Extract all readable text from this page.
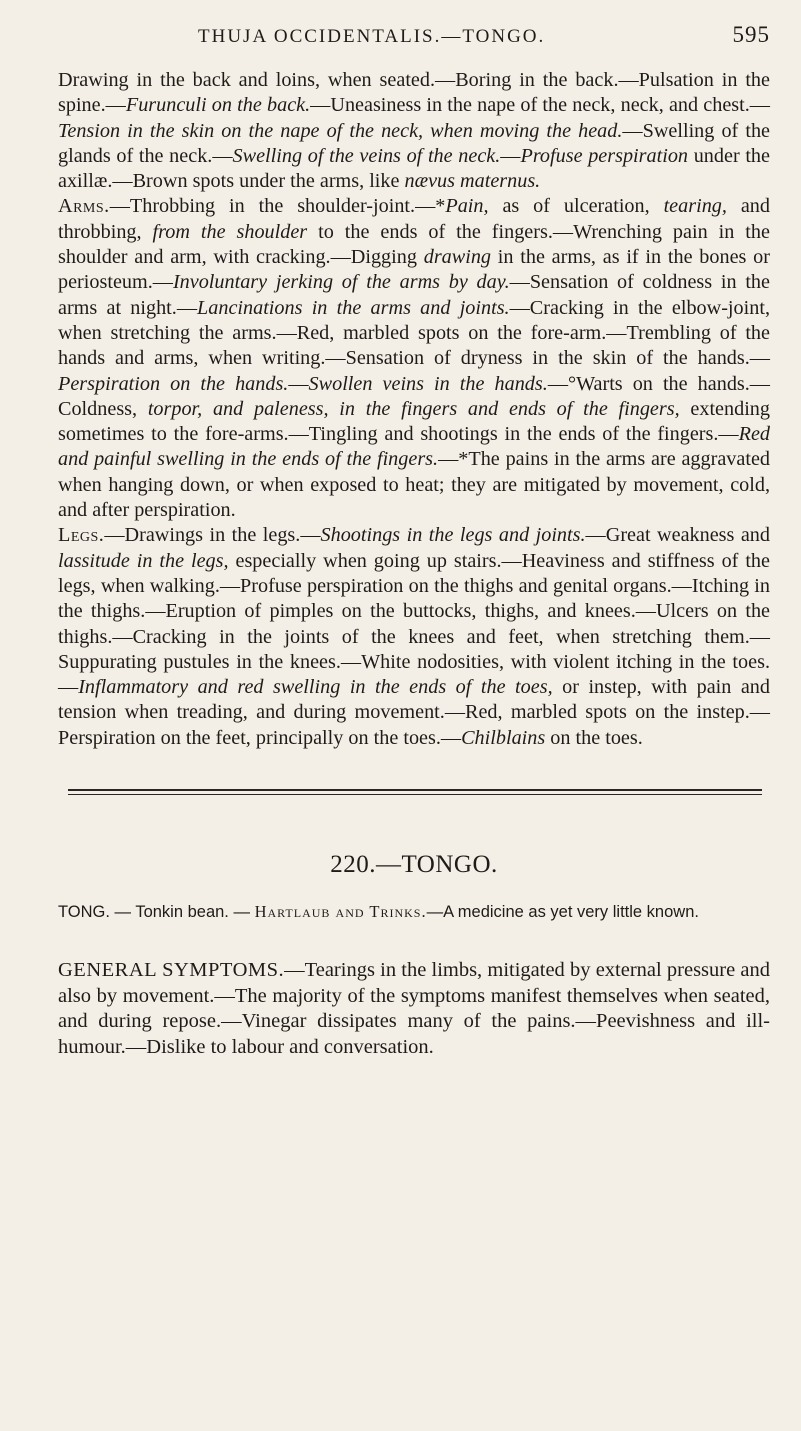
THUJA OCCIDENTALIS.—TONGO.	595

Drawing in the back and loins, when seated.—Boring in the back.—Pulsation in the spine.—Furunculi on the back.—Uneasiness in the nape of the neck, neck, and chest.—Tension in the skin on the nape of the neck, when moving the head.—Swelling of the glands of the neck.—Swelling of the veins of the neck.—Profuse perspiration under the axillæ.—Brown spots under the arms, like nævus maternus.

Arms.—Throbbing in the shoulder-joint.—*Pain, as of ulceration, tearing, and throbbing, from the shoulder to the ends of the fingers.—Wrenching pain in the shoulder and arm, with cracking.—Digging drawing in the arms, as if in the bones or periosteum.—Involuntary jerking of the arms by day.—Sensation of coldness in the arms at night.—Lancinations in the arms and joints.—Cracking in the elbow-joint, when stretching the arms.—Red, marbled spots on the fore-arm.—Trembling of the hands and arms, when writing.—Sensation of dryness in the skin of the hands.—Perspiration on the hands.—Swollen veins in the hands.—°Warts on the hands.—Coldness, torpor, and paleness, in the fingers and ends of the fingers, extending sometimes to the fore-arms.—Tingling and shootings in the ends of the fingers.—Red and painful swelling in the ends of the fingers.—*The pains in the arms are aggravated when hanging down, or when exposed to heat; they are mitigated by movement, cold, and after perspiration.

Legs.—Drawings in the legs.—Shootings in the legs and joints.—Great weakness and lassitude in the legs, especially when going up stairs.—Heaviness and stiffness of the legs, when walking.—Profuse perspiration on the thighs and genital organs.—Itching in the thighs.—Eruption of pimples on the buttocks, thighs, and knees.—Ulcers on the thighs.—Cracking in the joints of the knees and feet, when stretching them.—Suppurating pustules in the knees.—White nodosities, with violent itching in the toes.—Inflammatory and red swelling in the ends of the toes, or instep, with pain and tension when treading, and during movement.—Red, marbled spots on the instep.—Perspiration on the feet, principally on the toes.—Chilblains on the toes.

220.—TONGO.

TONG. — Tonkin bean. — Hartlaub and Trinks.—A medicine as yet very little known.

GENERAL SYMPTOMS.—Tearings in the limbs, mitigated by external pressure and also by movement.—The majority of the symptoms manifest themselves when seated, and during repose.—Vinegar dissipates many of the pains.—Peevishness and ill-humour.—Dislike to labour and conversation.
